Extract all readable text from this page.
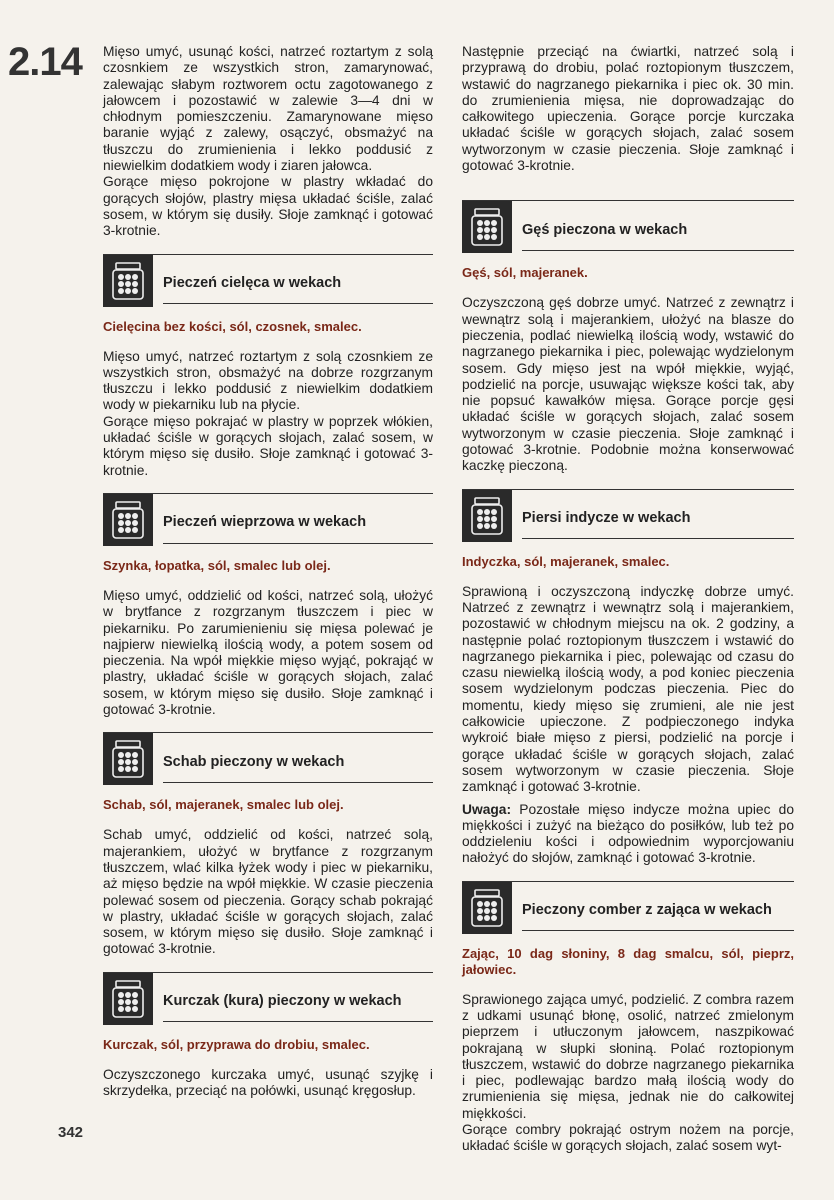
2.14 Mięso umyć, usunąć kości, natrzeć roztartym z solą czosnkiem ze wszystkich stron, zamarynować, zalewając słabym roztworem octu zagotowanego z jałowcem i pozostawić w zalewie 3—4 dni w chłodnym pomieszczeniu. Zamarynowane mięso baranie wyjąć z zalewy, osączyć, obsmażyć na tłuszczu do zrumienienia i lekko poddusić z niewielkim dodatkiem wody i ziaren jałowca.

Gorące mięso pokrojone w plastry wkładać do gorących słojów, plastry mięsa układać ściśle, zalać sosem, w którym się dusiły. Słoje zamknąć i gotować 3-krotnie.

Pieczeń cielęca w wekach

Cielęcina bez kości, sól, czosnek, smalec.

Mięso umyć, natrzeć roztartym z solą czosnkiem ze wszystkich stron, obsmażyć na dobrze rozgrzanym tłuszczu i lekko poddusić z niewielkim dodatkiem wody w piekarniku lub na płycie.

Gorące mięso pokrajać w plastry w poprzek włókien, układać ściśle w gorących słojach, zalać sosem, w którym mięso się dusiło. Słoje zamknąć i gotować 3-krotnie.

Pieczeń wieprzowa w wekach

Szynka, łopatka, sól, smalec lub olej.

Mięso umyć, oddzielić od kości, natrzeć solą, ułożyć w brytfance z rozgrzanym tłuszczem i piec w piekarniku. Po zarumienieniu się mięsa polewać je najpierw niewielką ilością wody, a potem sosem od pieczenia. Na wpół miękkie mięso wyjąć, pokrająć w plastry, układać ściśle w gorących słojach, zalać sosem, w którym mięso się dusiło. Słoje zamknąć i gotować 3-krotnie.

Schab pieczony w wekach

Schab, sól, majeranek, smalec lub olej.

Schab umyć, oddzielić od kości, natrzeć solą, majerankiem, ułożyć w brytfance z rozgrzanym tłuszczem, wlać kilka łyżek wody i piec w piekarniku, aż mięso będzie na wpół miękkie. W czasie pieczenia polewać sosem od pieczenia. Gorący schab pokrająć w plastry, układać ściśle w gorących słojach, zalać sosem, w którym mięso się dusiło. Słoje zamknąć i gotować 3-krotnie.

Kurczak (kura) pieczony w wekach

Kurczak, sól, przyprawa do drobiu, smalec.

Oczyszczonego kurczaka umyć, usunąć szyjkę i skrzydełka, przeciąć na połówki, usunąć kręgosłup.

Następnie przeciąć na ćwiartki, natrzeć solą i przyprawą do drobiu, polać roztopionym tłuszczem, wstawić do nagrzanego piekarnika i piec ok. 30 min. do zrumienienia mięsa, nie doprowadzając do całkowitego upieczenia. Gorące porcje kurczaka układać ściśle w gorących słojach, zalać sosem wytworzonym w czasie pieczenia. Słoje zamknąć i gotować 3-krotnie.

Gęś pieczona w wekach

Gęś, sól, majeranek.

Oczyszczoną gęś dobrze umyć. Natrzeć z zewnątrz i wewnątrz solą i majerankiem, ułożyć na blasze do pieczenia, podlać niewielką ilością wody, wstawić do nagrzanego piekarnika i piec, polewając wydzielonym sosem. Gdy mięso jest na wpół miękkie, wyjąć, podzielić na porcje, usuwając większe kości tak, aby nie popsuć kawałków mięsa. Gorące porcje gęsi układać ściśle w gorących słojach, zalać sosem wytworzonym w czasie pieczenia. Słoje zamknąć i gotować 3-krotnie. Podobnie można konserwować kaczkę pieczoną.

Piersi indycze w wekach

Indyczka, sól, majeranek, smalec.

Sprawioną i oczyszczoną indyczkę dobrze umyć. Natrzeć z zewnątrz i wewnątrz solą i majerankiem, pozostawić w chłodnym miejscu na ok. 2 godziny, a następnie polać roztopionym tłuszczem i wstawić do nagrzanego piekarnika i piec, polewając od czasu do czasu niewielką ilością wody, a pod koniec pieczenia sosem wydzielonym podczas pieczenia. Piec do momentu, kiedy mięso się zrumieni, ale nie jest całkowicie upieczone. Z podpieczonego indyka wykroić białe mięso z piersi, podzielić na porcje i gorące układać ściśle w gorących słojach, zalać sosem wytworzonym w czasie pieczenia. Słoje zamknąć i gotować 3-krotnie.

Uwaga: Pozostałe mięso indycze można upiec do miękkości i zużyć na bieżąco do posiłków, lub też po oddzieleniu kości i odpowiednim wyporcjowaniu nałożyć do słojów, zamknąć i gotować 3-krotnie.

Pieczony comber z zająca w wekach

Zając, 10 dag słoniny, 8 dag smalcu, sól, pieprz, jałowiec.

Sprawionego zająca umyć, podzielić. Z combra razem z udkami usunąć błonę, osolić, natrzeć zmielonym pieprzem i utłuczonym jałowcem, naszpikować pokrajaną w słupki słoniną. Polać roztopionym tłuszczem, wstawić do dobrze nagrzanego piekarnika i piec, podlewając bardzo małą ilością wody do zrumienienia się mięsa, jednak nie do całkowitej miękkości.

Gorące combry pokrająć ostrym nożem na porcje, układać ściśle w gorących słojach, zalać sosem wyt-

342
